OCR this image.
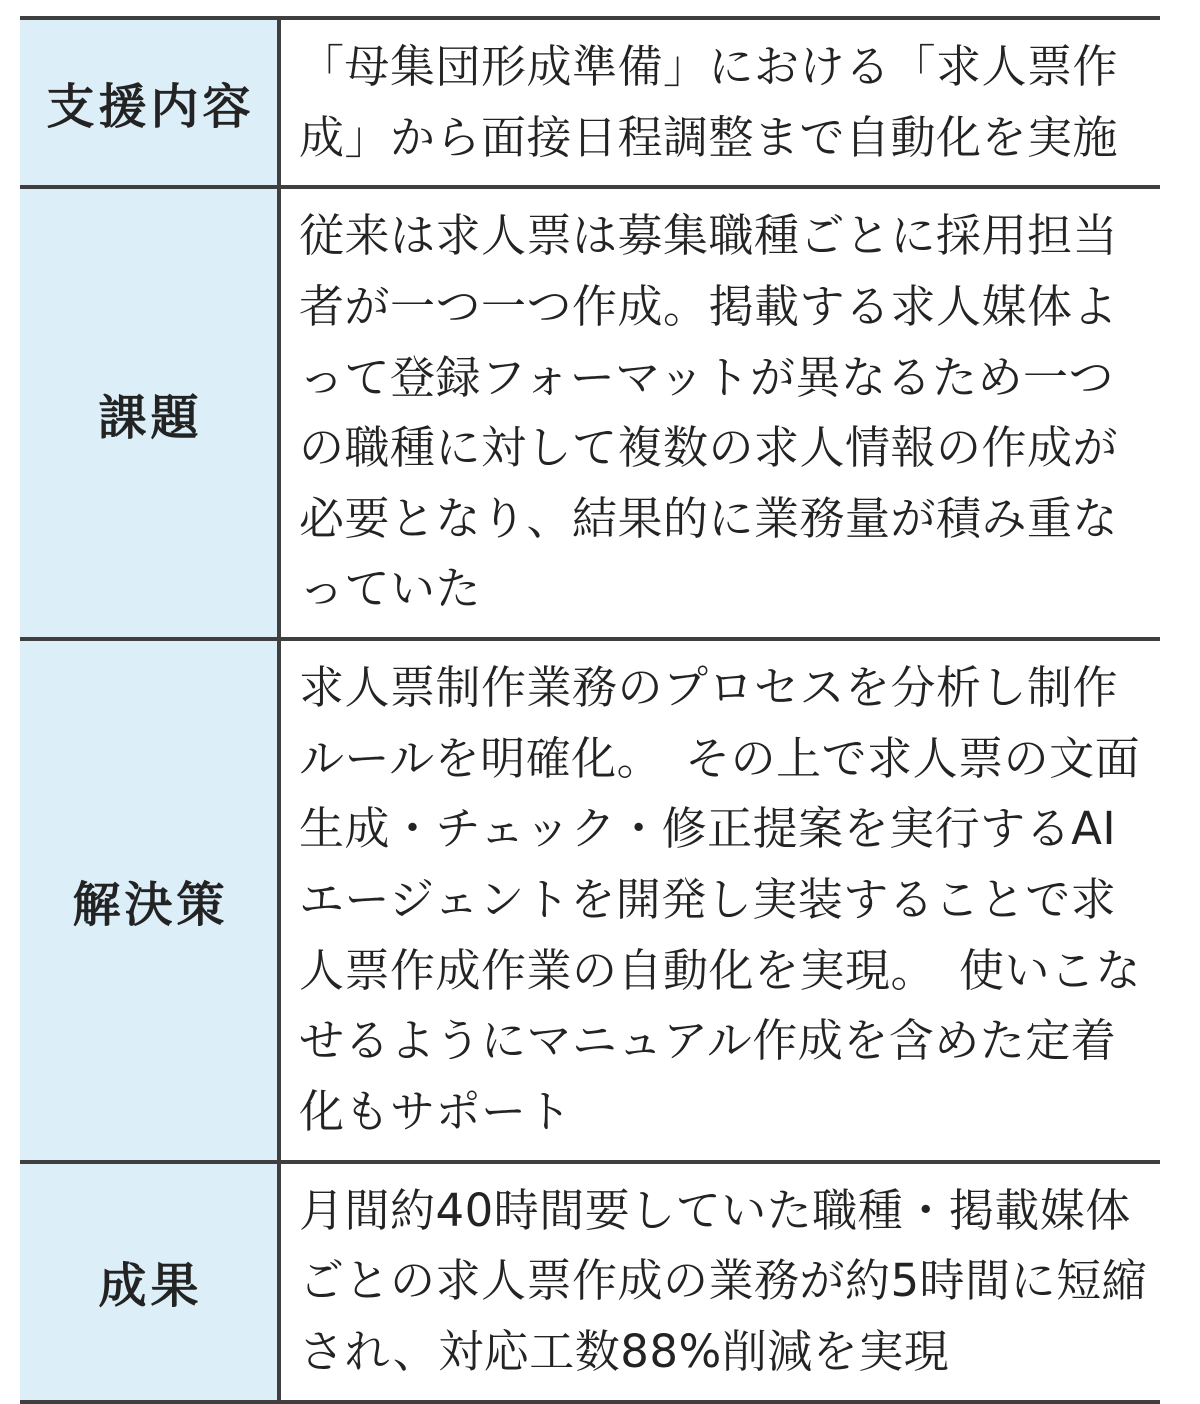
支援内容
「母集団形成準備」における「求人票作成」から面接日程調整まで自動化を実施
課題
従来は求人票は募集職種ごとに採用担当者が一つ一つ作成。掲載する求人媒体よって登録フォーマットが異なるため一つの職種に対して複数の求人情報の作成が必要となり、結果的に業務量が積み重なっていた
解決策
求人票制作業務のプロセスを分析し制作ルールを明確化。　その上で求人票の文面生成・チェック・修正提案を実行するAIエージェントを開発し実装することで求人票作成作業の自動化を実現。　使いこなせるようにマニュアル作成を含めた定着化もサポート
成果
月間約40時間要していた職種・掲載媒体ごとの求人票作成の業務が約5時間に短縮され、対応工数88%削減を実現
